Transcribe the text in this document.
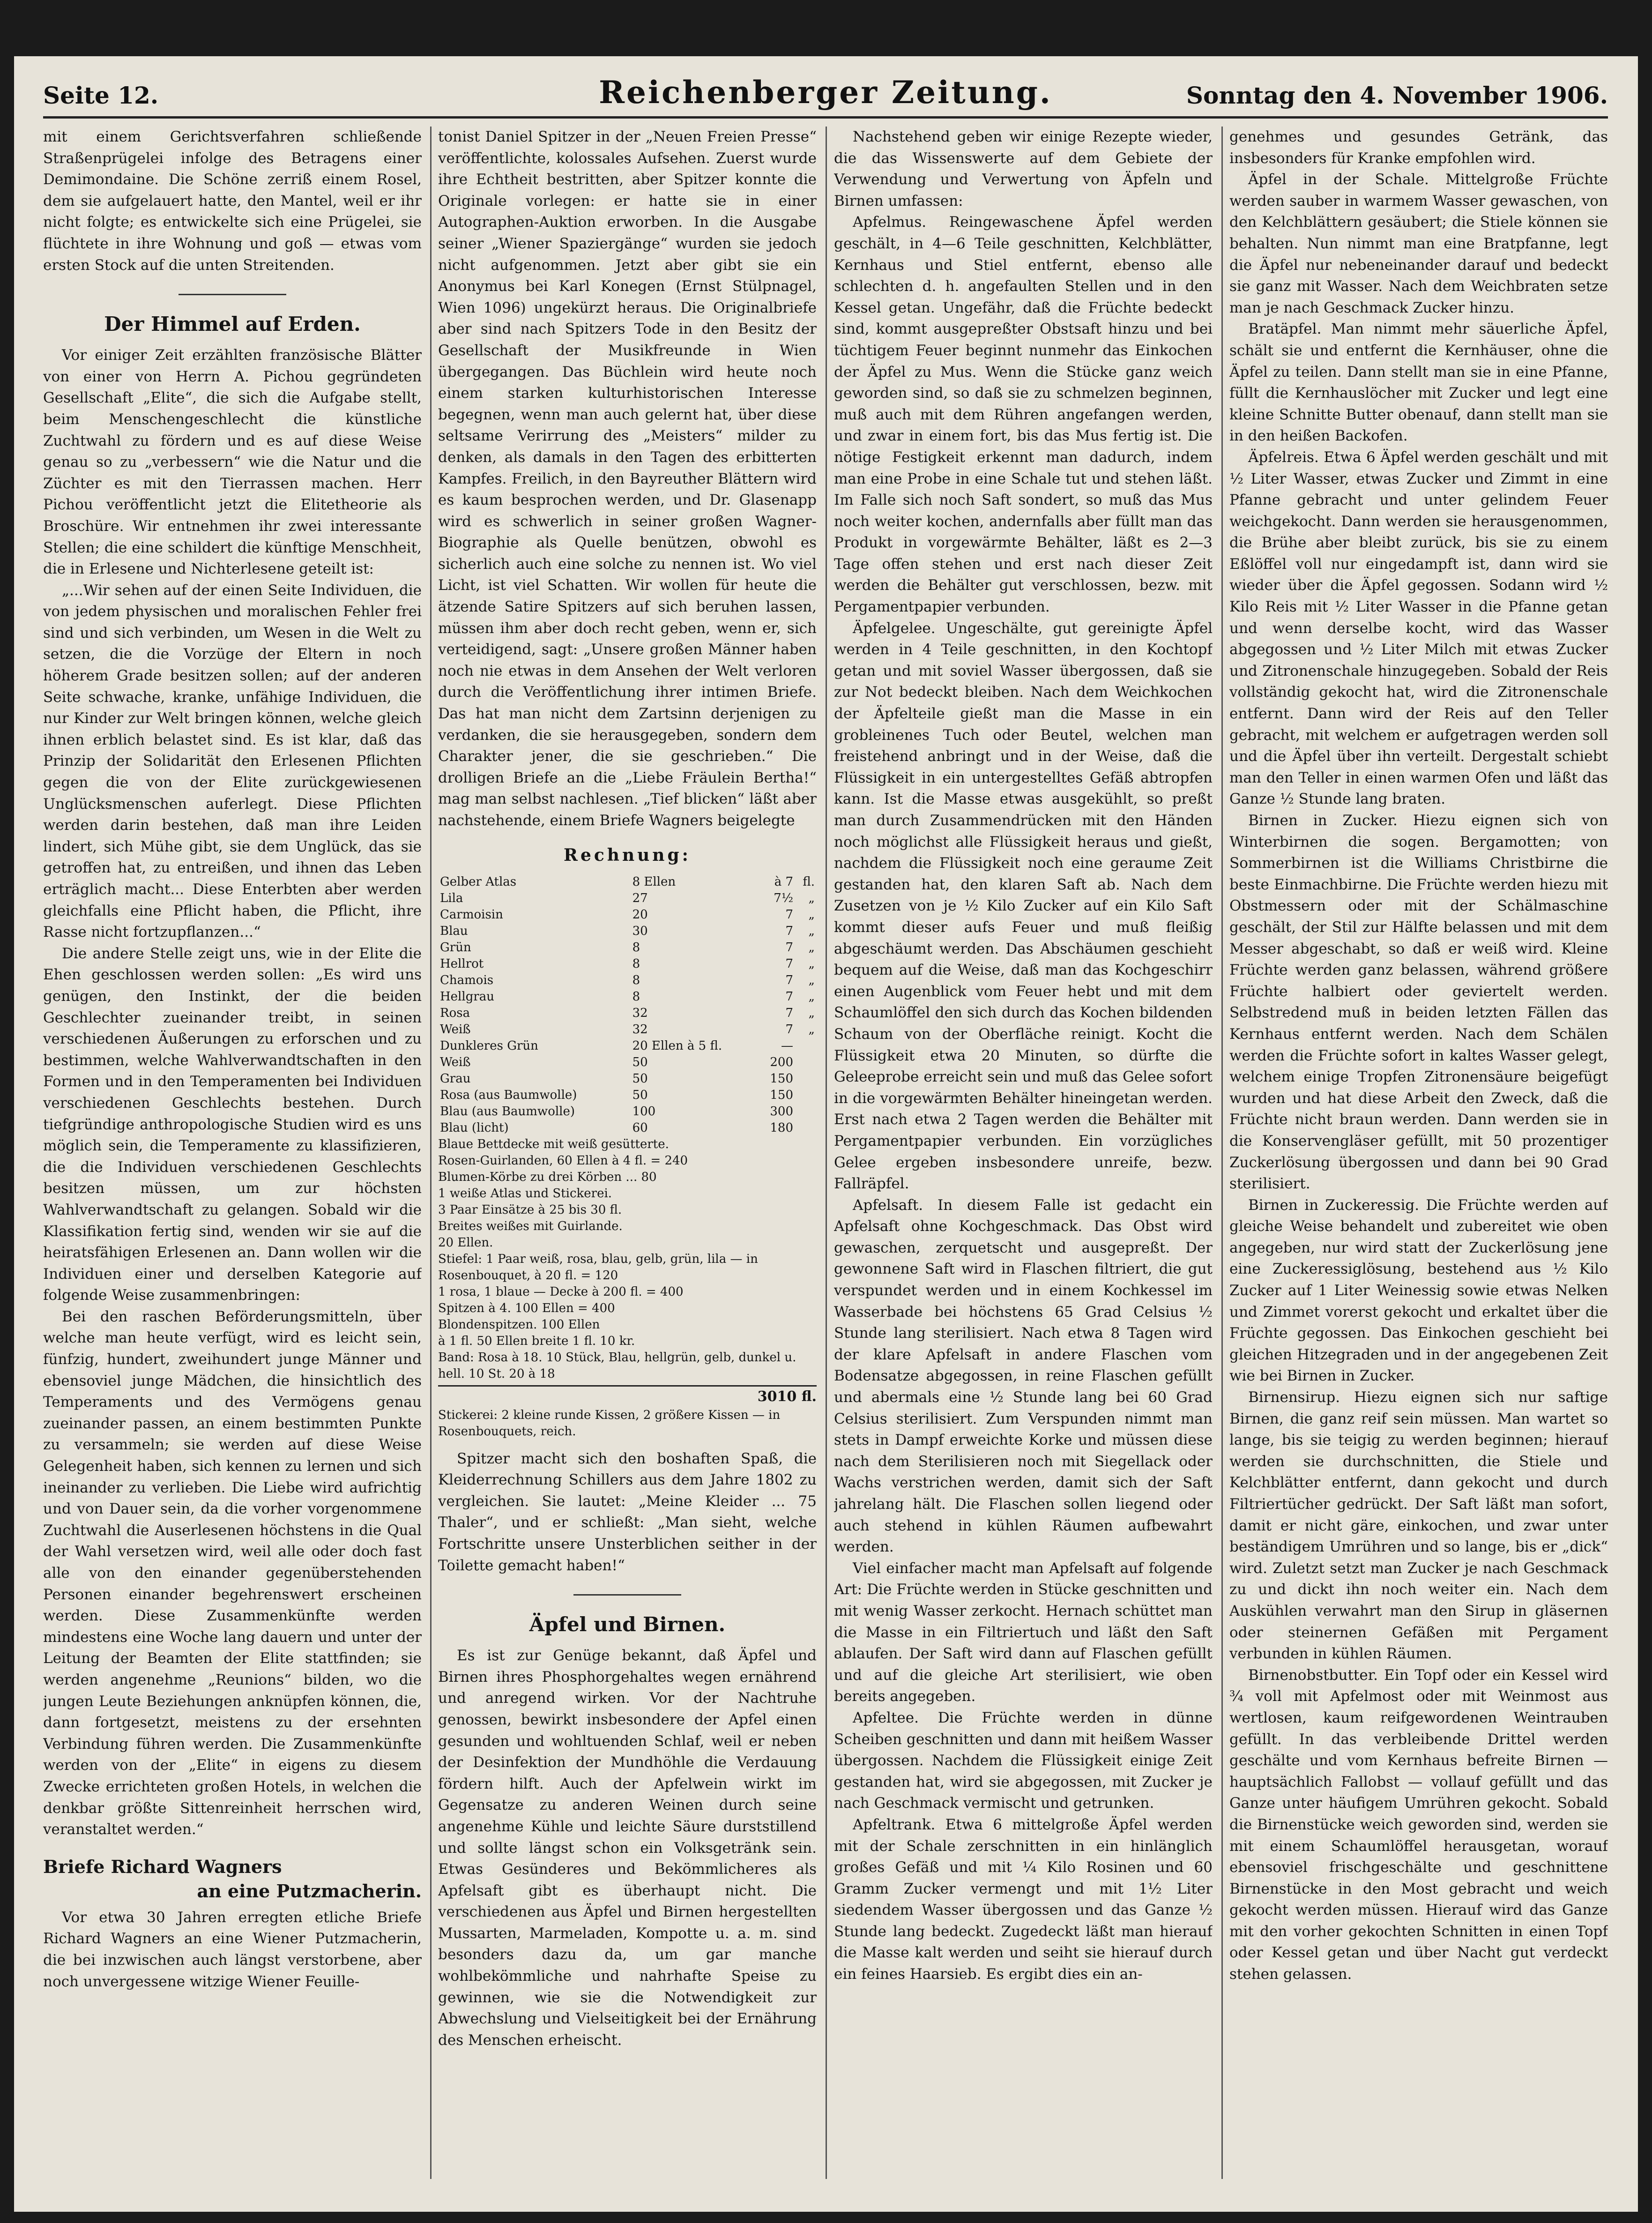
Seite 12.	Reichenberger Zeitung.	Sonntag den 4. November 1906.

mit einem Gerichtsverfahren schließende Straßenprügelei infolge des Betragens einer Demimondaine. Die Schöne zerriß einem Rosel, dem sie aufgelauert hatte, den Mantel, weil er ihr nicht folgte; es entwickelte sich eine Prügelei, sie flüchtete in ihre Wohnung und goß — etwas vom ersten Stock auf die unten Streitenden.

Der Himmel auf Erden.

Vor einiger Zeit erzählten französische Blätter von einer von Herrn A. Pichou gegründeten Gesellschaft „Elite“, die sich die Aufgabe stellt, beim Menschengeschlecht die künstliche Zuchtwahl zu fördern und es auf diese Weise genau so zu „verbessern“ wie die Natur und die Züchter es mit den Tierrassen machen. Herr Pichou veröffentlicht jetzt die Elitetheorie als Broschüre. Wir entnehmen ihr zwei interessante Stellen; die eine schildert die künftige Menschheit, die in Erlesene und Nichterlesene geteilt ist:

„...Wir sehen auf der einen Seite Individuen, die von jedem physischen und moralischen Fehler frei sind und sich verbinden, um Wesen in die Welt zu setzen, die die Vorzüge der Eltern in noch höherem Grade besitzen sollen; auf der anderen Seite schwache, kranke, unfähige Individuen, die nur Kinder zur Welt bringen können, welche gleich ihnen erblich belastet sind. Es ist klar, daß das Prinzip der Solidarität den Erlesenen Pflichten gegen die von der Elite zurückgewiesenen Unglücksmenschen auferlegt. Diese Pflichten werden darin bestehen, daß man ihre Leiden lindert, sich Mühe gibt, sie dem Unglück, das sie getroffen hat, zu entreißen, und ihnen das Leben erträglich macht... Diese Enterbten aber werden gleichfalls eine Pflicht haben, die Pflicht, ihre Rasse nicht fortzupflanzen...“

Die andere Stelle zeigt uns, wie in der Elite die Ehen geschlossen werden sollen: „Es wird uns genügen, den Instinkt, der die beiden Geschlechter zueinander treibt, in seinen verschiedenen Äußerungen zu erforschen und zu bestimmen, welche Wahlverwandtschaften in den Formen und in den Temperamenten bei Individuen verschiedenen Geschlechts bestehen. Durch tiefgründige anthropologische Studien wird es uns möglich sein, die Temperamente zu klassifizieren, die die Individuen verschiedenen Geschlechts besitzen müssen, um zur höchsten Wahlverwandtschaft zu gelangen. Sobald wir die Klassifikation fertig sind, wenden wir sie auf die heiratsfähigen Erlesenen an. Dann wollen wir die Individuen einer und derselben Kategorie auf folgende Weise zusammenbringen:

Bei den raschen Beförderungsmitteln, über welche man heute verfügt, wird es leicht sein, fünfzig, hundert, zweihundert junge Männer und ebensoviel junge Mädchen, die hinsichtlich des Temperaments und des Vermögens genau zueinander passen, an einem bestimmten Punkte zu versammeln; sie werden auf diese Weise Gelegenheit haben, sich kennen zu lernen und sich ineinander zu verlieben. Die Liebe wird aufrichtig und von Dauer sein, da die vorher vorgenommene Zuchtwahl die Auserlesenen höchstens in die Qual der Wahl versetzen wird, weil alle oder doch fast alle von den einander gegenüberstehenden Personen einander begehrenswert erscheinen werden. Diese Zusammenkünfte werden mindestens eine Woche lang dauern und unter der Leitung der Beamten der Elite stattfinden; sie werden angenehme „Reunions“ bilden, wo die jungen Leute Beziehungen anknüpfen können, die, dann fortgesetzt, meistens zu der ersehnten Verbindung führen werden. Die Zusammenkünfte werden von der „Elite“ in eigens zu diesem Zwecke errichteten großen Hotels, in welchen die denkbar größte Sittenreinheit herrschen wird, veranstaltet werden.“

Briefe Richard Wagners
an eine Putzmacherin.

Vor etwa 30 Jahren erregten etliche Briefe Richard Wagners an eine Wiener Putzmacherin, die bei inzwischen auch längst verstorbene, aber noch unvergessene witzige Wiener Feuille-

tonist Daniel Spitzer in der „Neuen Freien Presse“ veröffentlichte, kolossales Aufsehen. Zuerst wurde ihre Echtheit bestritten, aber Spitzer konnte die Originale vorlegen: er hatte sie in einer Autographen-Auktion erworben. In die Ausgabe seiner „Wiener Spaziergänge“ wurden sie jedoch nicht aufgenommen. Jetzt aber gibt sie ein Anonymus bei Karl Konegen (Ernst Stülpnagel, Wien 1096) ungekürzt heraus. Die Originalbriefe aber sind nach Spitzers Tode in den Besitz der Gesellschaft der Musikfreunde in Wien übergegangen. Das Büchlein wird heute noch einem starken kulturhistorischen Interesse begegnen, wenn man auch gelernt hat, über diese seltsame Verirrung des „Meisters“ milder zu denken, als damals in den Tagen des erbitterten Kampfes. Freilich, in den Bayreuther Blättern wird es kaum besprochen werden, und Dr. Glasenapp wird es schwerlich in seiner großen Wagner-Biographie als Quelle benützen, obwohl es sicherlich auch eine solche zu nennen ist. Wo viel Licht, ist viel Schatten. Wir wollen für heute die ätzende Satire Spitzers auf sich beruhen lassen, müssen ihm aber doch recht geben, wenn er, sich verteidigend, sagt: „Unsere großen Männer haben noch nie etwas in dem Ansehen der Welt verloren durch die Veröffentlichung ihrer intimen Briefe. Das hat man nicht dem Zartsinn derjenigen zu verdanken, die sie herausgegeben, sondern dem Charakter jener, die sie geschrieben.“ Die drolligen Briefe an die „Liebe Fräulein Bertha!“ mag man selbst nachlesen. „Tief blicken“ läßt aber nachstehende, einem Briefe Wagners beigelegte

Rechnung:
Gelber Atlas	8 Ellen	à 7	fl.
Lila	27	7½	„
Carmoisin	20	7	„
Blau	30	7	„
Grün	8	7	„
Hellrot	8	7	„
Chamois	8	7	„
Hellgrau	8	7	„
Rosa	32	7	„
Weiß	32	7	„
Dunkleres Grün	20 Ellen à 5 fl.	—	
Weiß	50	200	
Grau	50	150	
Rosa (aus Baumwolle)	50	150	
Blau (aus Baumwolle)	100	300	
Blau (licht)	60	180	

Blaue Bettdecke mit weiß gesütterte.

Rosen-Guirlanden, 60 Ellen à 4 fl. = 240

Blumen-Körbe zu drei Körben ... 80

1 weiße Atlas und Stickerei.

3 Paar Einsätze à 25 bis 30 fl.

Breites weißes mit Guirlande.

20 Ellen.

Stiefel: 1 Paar weiß, rosa, blau, gelb, grün, lila — in Rosenbouquet, à 20 fl. = 120

1 rosa, 1 blaue — Decke à 200 fl. = 400

Spitzen à 4. 100 Ellen = 400

Blondenspitzen. 100 Ellen

à 1 fl. 50 Ellen breite 1 fl. 10 kr.

Band: Rosa à 18. 10 Stück, Blau, hellgrün, gelb, dunkel u. hell. 10 St. 20 à 18

3010 fl.
Stickerei: 2 kleine runde Kissen, 2 größere Kissen — in Rosenbouquets, reich.

Spitzer macht sich den boshaften Spaß, die Kleiderrechnung Schillers aus dem Jahre 1802 zu vergleichen. Sie lautet: „Meine Kleider ... 75 Thaler“, und er schließt: „Man sieht, welche Fortschritte unsere Unsterblichen seither in der Toilette gemacht haben!“

Äpfel und Birnen.

Es ist zur Genüge bekannt, daß Äpfel und Birnen ihres Phosphorgehaltes wegen ernährend und anregend wirken. Vor der Nachtruhe genossen, bewirkt insbesondere der Apfel einen gesunden und wohltuenden Schlaf, weil er neben der Desinfektion der Mundhöhle die Verdauung fördern hilft. Auch der Apfelwein wirkt im Gegensatze zu anderen Weinen durch seine angenehme Kühle und leichte Säure durststillend und sollte längst schon ein Volksgetränk sein. Etwas Gesünderes und Bekömmlicheres als Apfelsaft gibt es überhaupt nicht. Die verschiedenen aus Äpfel und Birnen hergestellten Mussarten, Marmeladen, Kompotte u. a. m. sind besonders dazu da, um gar manche wohlbekömmliche und nahrhafte Speise zu gewinnen, wie sie die Notwendigkeit zur Abwechslung und Vielseitigkeit bei der Ernährung des Menschen erheischt.

Nachstehend geben wir einige Rezepte wieder, die das Wissenswerte auf dem Gebiete der Verwendung und Verwertung von Äpfeln und Birnen umfassen:

Apfelmus. Reingewaschene Äpfel werden geschält, in 4—6 Teile geschnitten, Kelchblätter, Kernhaus und Stiel entfernt, ebenso alle schlechten d. h. angefaulten Stellen und in den Kessel getan. Ungefähr, daß die Früchte bedeckt sind, kommt ausgepreßter Obstsaft hinzu und bei tüchtigem Feuer beginnt nunmehr das Einkochen der Äpfel zu Mus. Wenn die Stücke ganz weich geworden sind, so daß sie zu schmelzen beginnen, muß auch mit dem Rühren angefangen werden, und zwar in einem fort, bis das Mus fertig ist. Die nötige Festigkeit erkennt man dadurch, indem man eine Probe in eine Schale tut und stehen läßt. Im Falle sich noch Saft sondert, so muß das Mus noch weiter kochen, andernfalls aber füllt man das Produkt in vorgewärmte Behälter, läßt es 2—3 Tage offen stehen und erst nach dieser Zeit werden die Behälter gut verschlossen, bezw. mit Pergamentpapier verbunden.

Äpfelgelee. Ungeschälte, gut gereinigte Äpfel werden in 4 Teile geschnitten, in den Kochtopf getan und mit soviel Wasser übergossen, daß sie zur Not bedeckt bleiben. Nach dem Weichkochen der Äpfelteile gießt man die Masse in ein grobleinenes Tuch oder Beutel, welchen man freistehend anbringt und in der Weise, daß die Flüssigkeit in ein untergestelltes Gefäß abtropfen kann. Ist die Masse etwas ausgekühlt, so preßt man durch Zusammendrücken mit den Händen noch möglichst alle Flüssigkeit heraus und gießt, nachdem die Flüssigkeit noch eine geraume Zeit gestanden hat, den klaren Saft ab. Nach dem Zusetzen von je ½ Kilo Zucker auf ein Kilo Saft kommt dieser aufs Feuer und muß fleißig abgeschäumt werden. Das Abschäumen geschieht bequem auf die Weise, daß man das Kochgeschirr einen Augenblick vom Feuer hebt und mit dem Schaumlöffel den sich durch das Kochen bildenden Schaum von der Oberfläche reinigt. Kocht die Flüssigkeit etwa 20 Minuten, so dürfte die Geleeprobe erreicht sein und muß das Gelee sofort in die vorgewärmten Behälter hineingetan werden. Erst nach etwa 2 Tagen werden die Behälter mit Pergamentpapier verbunden. Ein vorzügliches Gelee ergeben insbesondere unreife, bezw. Fallräpfel.

Apfelsaft. In diesem Falle ist gedacht ein Apfelsaft ohne Kochgeschmack. Das Obst wird gewaschen, zerquetscht und ausgepreßt. Der gewonnene Saft wird in Flaschen filtriert, die gut verspundet werden und in einem Kochkessel im Wasserbade bei höchstens 65 Grad Celsius ½ Stunde lang sterilisiert. Nach etwa 8 Tagen wird der klare Apfelsaft in andere Flaschen vom Bodensatze abgegossen, in reine Flaschen gefüllt und abermals eine ½ Stunde lang bei 60 Grad Celsius sterilisiert. Zum Verspunden nimmt man stets in Dampf erweichte Korke und müssen diese nach dem Sterilisieren noch mit Siegellack oder Wachs verstrichen werden, damit sich der Saft jahrelang hält. Die Flaschen sollen liegend oder auch stehend in kühlen Räumen aufbewahrt werden.

Viel einfacher macht man Apfelsaft auf folgende Art: Die Früchte werden in Stücke geschnitten und mit wenig Wasser zerkocht. Hernach schüttet man die Masse in ein Filtriertuch und läßt den Saft ablaufen. Der Saft wird dann auf Flaschen gefüllt und auf die gleiche Art sterilisiert, wie oben bereits angegeben.

Apfeltee. Die Früchte werden in dünne Scheiben geschnitten und dann mit heißem Wasser übergossen. Nachdem die Flüssigkeit einige Zeit gestanden hat, wird sie abgegossen, mit Zucker je nach Geschmack vermischt und getrunken.

Apfeltrank. Etwa 6 mittelgroße Äpfel werden mit der Schale zerschnitten in ein hinlänglich großes Gefäß und mit ¼ Kilo Rosinen und 60 Gramm Zucker vermengt und mit 1½ Liter siedendem Wasser übergossen und das Ganze ½ Stunde lang bedeckt. Zugedeckt läßt man hierauf die Masse kalt werden und seiht sie hierauf durch ein feines Haarsieb. Es ergibt dies ein an-

genehmes und gesundes Getränk, das insbesonders für Kranke empfohlen wird.

Äpfel in der Schale. Mittelgroße Früchte werden sauber in warmem Wasser gewaschen, von den Kelchblättern gesäubert; die Stiele können sie behalten. Nun nimmt man eine Bratpfanne, legt die Äpfel nur nebeneinander darauf und bedeckt sie ganz mit Wasser. Nach dem Weichbraten setze man je nach Geschmack Zucker hinzu.

Bratäpfel. Man nimmt mehr säuerliche Äpfel, schält sie und entfernt die Kernhäuser, ohne die Äpfel zu teilen. Dann stellt man sie in eine Pfanne, füllt die Kernhauslöcher mit Zucker und legt eine kleine Schnitte Butter obenauf, dann stellt man sie in den heißen Backofen.

Äpfelreis. Etwa 6 Äpfel werden geschält und mit ½ Liter Wasser, etwas Zucker und Zimmt in eine Pfanne gebracht und unter gelindem Feuer weichgekocht. Dann werden sie herausgenommen, die Brühe aber bleibt zurück, bis sie zu einem Eßlöffel voll nur eingedampft ist, dann wird sie wieder über die Äpfel gegossen. Sodann wird ½ Kilo Reis mit ½ Liter Wasser in die Pfanne getan und wenn derselbe kocht, wird das Wasser abgegossen und ½ Liter Milch mit etwas Zucker und Zitronenschale hinzugegeben. Sobald der Reis vollständig gekocht hat, wird die Zitronenschale entfernt. Dann wird der Reis auf den Teller gebracht, mit welchem er aufgetragen werden soll und die Äpfel über ihn verteilt. Dergestalt schiebt man den Teller in einen warmen Ofen und läßt das Ganze ½ Stunde lang braten.

Birnen in Zucker. Hiezu eignen sich von Winterbirnen die sogen. Bergamotten; von Sommerbirnen ist die Williams Christbirne die beste Einmachbirne. Die Früchte werden hiezu mit Obstmessern oder mit der Schälmaschine geschält, der Stil zur Hälfte belassen und mit dem Messer abgeschabt, so daß er weiß wird. Kleine Früchte werden ganz belassen, während größere Früchte halbiert oder geviertelt werden. Selbstredend muß in beiden letzten Fällen das Kernhaus entfernt werden. Nach dem Schälen werden die Früchte sofort in kaltes Wasser gelegt, welchem einige Tropfen Zitronensäure beigefügt wurden und hat diese Arbeit den Zweck, daß die Früchte nicht braun werden. Dann werden sie in die Konservengläser gefüllt, mit 50 prozentiger Zuckerlösung übergossen und dann bei 90 Grad sterilisiert.

Birnen in Zuckeressig. Die Früchte werden auf gleiche Weise behandelt und zubereitet wie oben angegeben, nur wird statt der Zuckerlösung jene eine Zuckeressiglösung, bestehend aus ½ Kilo Zucker auf 1 Liter Weinessig sowie etwas Nelken und Zimmet vorerst gekocht und erkaltet über die Früchte gegossen. Das Einkochen geschieht bei gleichen Hitzegraden und in der angegebenen Zeit wie bei Birnen in Zucker.

Birnensirup. Hiezu eignen sich nur saftige Birnen, die ganz reif sein müssen. Man wartet so lange, bis sie teigig zu werden beginnen; hierauf werden sie durchschnitten, die Stiele und Kelchblätter entfernt, dann gekocht und durch Filtriertücher gedrückt. Der Saft läßt man sofort, damit er nicht gäre, einkochen, und zwar unter beständigem Umrühren und so lange, bis er „dick“ wird. Zuletzt setzt man Zucker je nach Geschmack zu und dickt ihn noch weiter ein. Nach dem Auskühlen verwahrt man den Sirup in gläsernen oder steinernen Gefäßen mit Pergament verbunden in kühlen Räumen.

Birnenobstbutter. Ein Topf oder ein Kessel wird ¾ voll mit Apfelmost oder mit Weinmost aus wertlosen, kaum reifgewordenen Weintrauben gefüllt. In das verbleibende Drittel werden geschälte und vom Kernhaus befreite Birnen — hauptsächlich Fallobst — vollauf gefüllt und das Ganze unter häufigem Umrühren gekocht. Sobald die Birnenstücke weich geworden sind, werden sie mit einem Schaumlöffel herausgetan, worauf ebensoviel frischgeschälte und geschnittene Birnenstücke in den Most gebracht und weich gekocht werden müssen. Hierauf wird das Ganze mit den vorher gekochten Schnitten in einen Topf oder Kessel getan und über Nacht gut verdeckt stehen gelassen.
